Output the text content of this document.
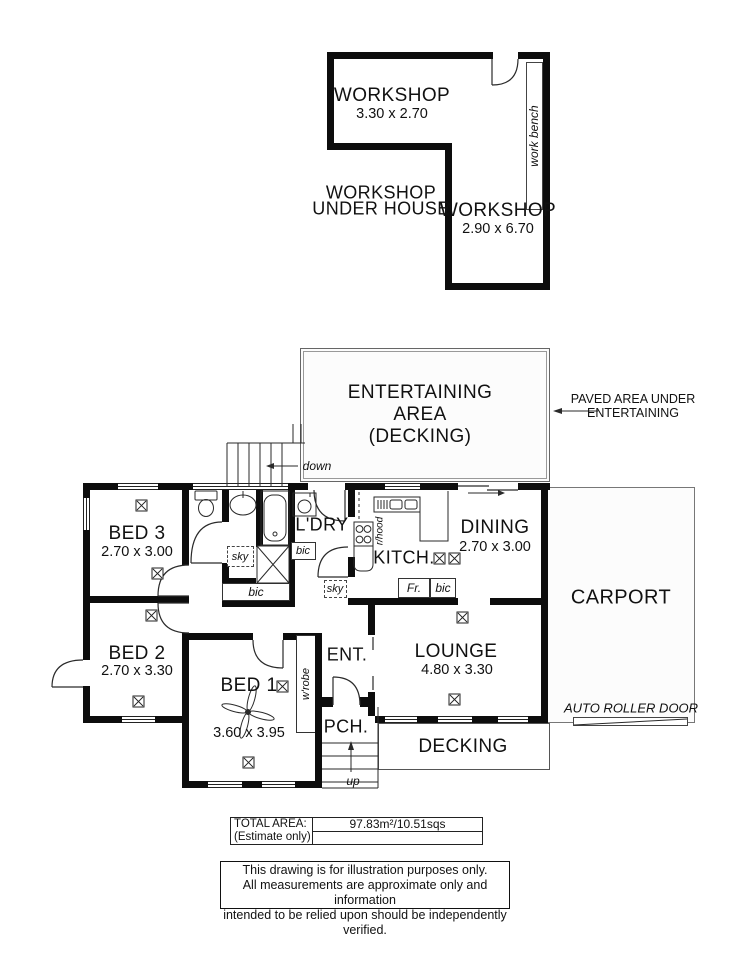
WORKSHOP
3.30 x 2.70
WORKSHOP
UNDER HOUSE
WORKSHOP
2.90 x 6.70
work bench
ENTERTAINING
AREA
(DECKING)
PAVED AREA UNDER
ENTERTAINING
down
BED 3
2.70 x 3.00
BED 2
2.70 x 3.30
BED 1
3.60 x 3.95
L'DRY
KITCH.
DINING
2.70 x 3.00
LOUNGE
4.80 x 3.30
ENT.
PCH.
CARPORT
DECKING
up
AUTO ROLLER DOOR
sky
sky
bic
bic
bic
Fr.
r/hood
w'robe
TOTAL AREA:
(Estimate only)
97.83m²/10.51sqs
This drawing is for illustration purposes only.
All measurements are approximate only and information
intended to be relied upon should be independently verified.
